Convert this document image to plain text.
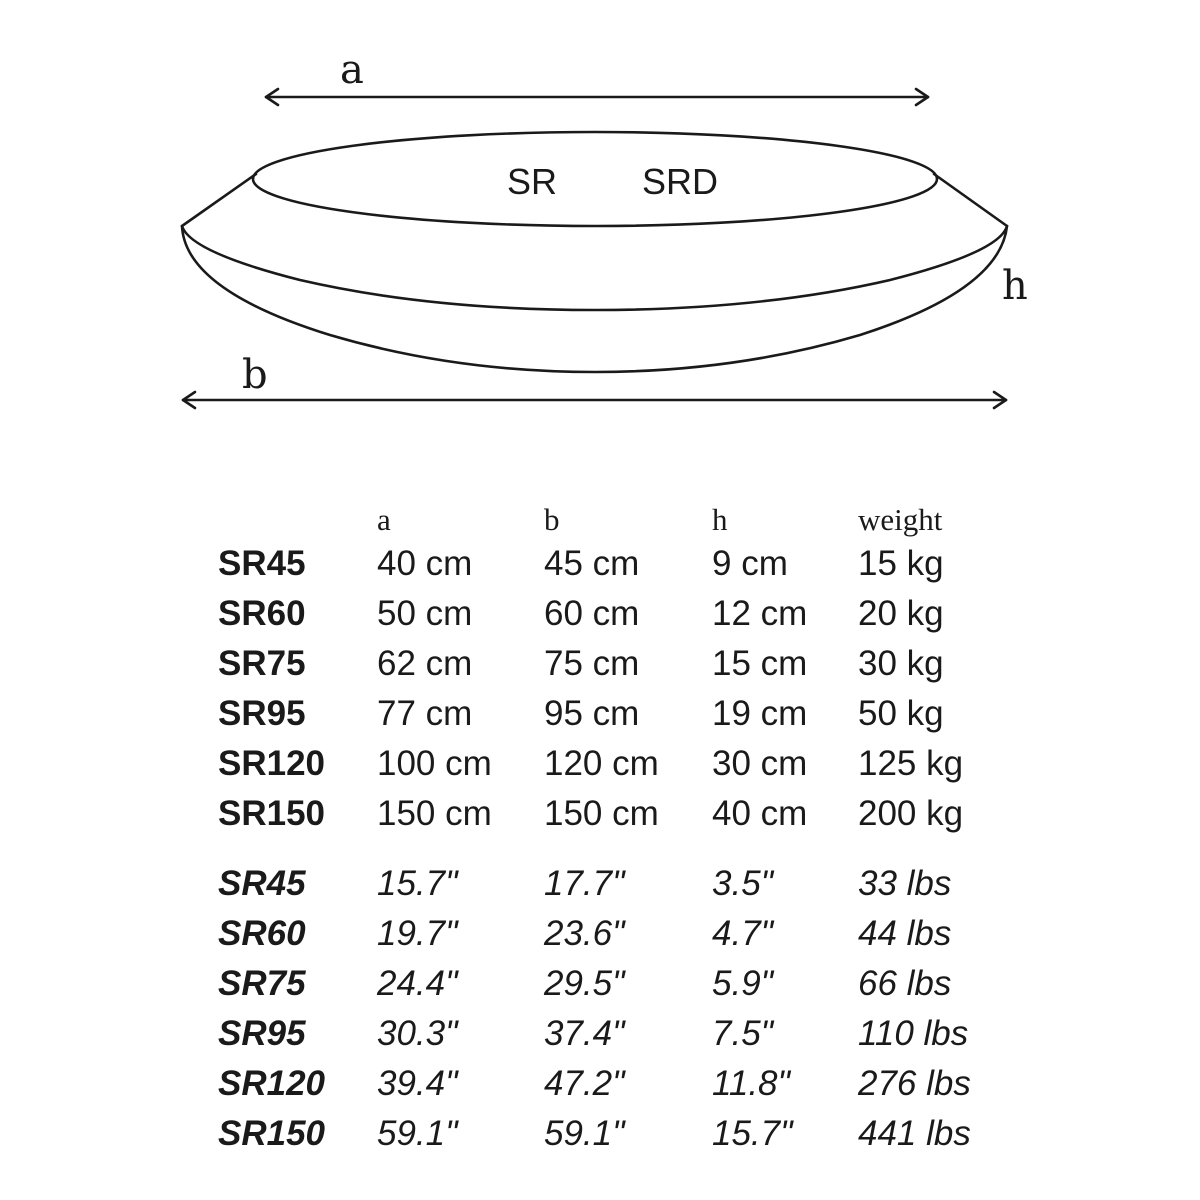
a
b
h
SR SRD
a	b	h	weight
SR45 40 cm 45 cm 9 cm 15 kg
SR60 50 cm 60 cm 12 cm 20 kg
SR75 62 cm 75 cm 15 cm 30 kg
SR95 77 cm 95 cm 19 cm 50 kg
SR120 100 cm 120 cm 30 cm 125 kg
SR150 150 cm 150 cm 40 cm 200 kg
SR45 15.7" 17.7" 3.5" 33 lbs
SR60 19.7" 23.6" 4.7" 44 lbs
SR75 24.4" 29.5" 5.9" 66 lbs
SR95 30.3" 37.4" 7.5" 110 lbs
SR120 39.4" 47.2" 11.8" 276 lbs
SR150 59.1" 59.1" 15.7" 441 lbs
